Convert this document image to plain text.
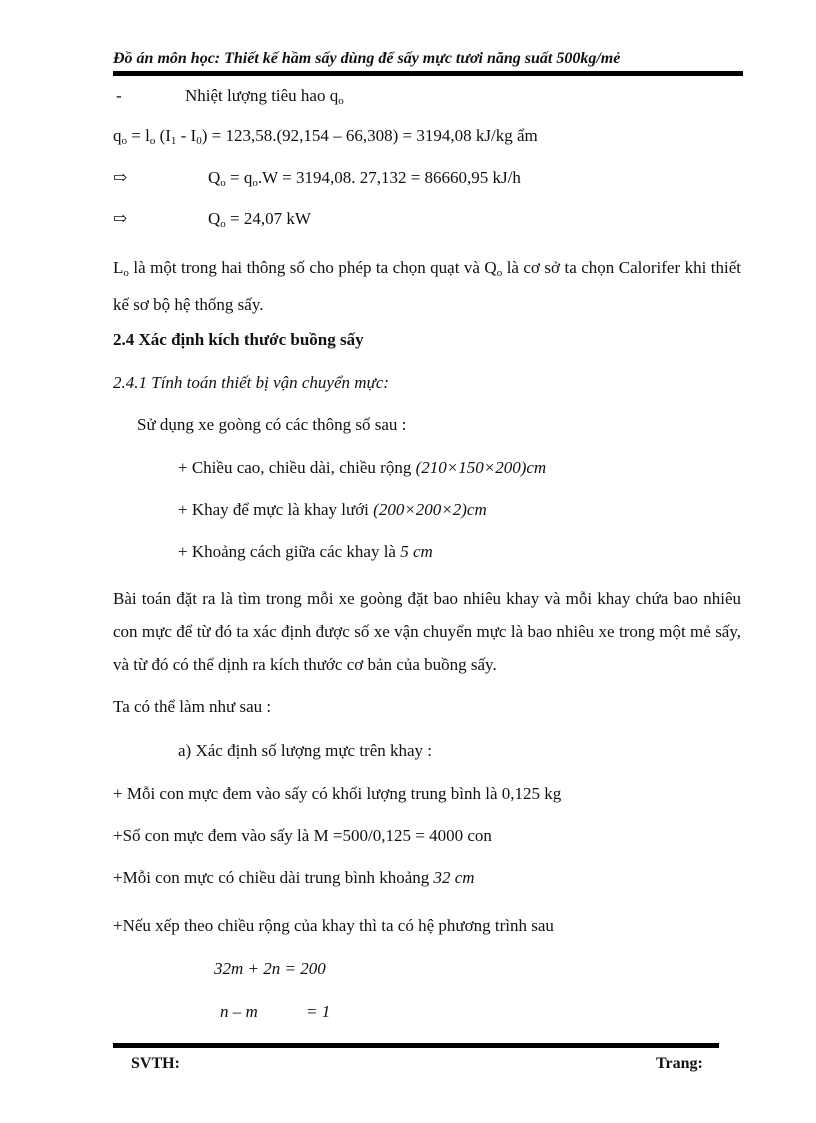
Đồ án môn học: Thiết kế hầm sấy dùng để sấy mực tươi năng suất 500kg/mẻ
-	Nhiệt lượng tiêu hao $q_o$
$q_o = l_o$ $(I_1 - I_0) = 123,58.(92,154 - 66,308) = 3194,08$ kJ/kg ẩm
⇨	$Q_o = q_o.W = 3194,08$. 27,132 = 86660,95 kJ/h
⇨	$Q_o = 24,07$ kW
$L_o$ là một trong hai thông số cho phép ta chọn quạt và $Q_o$ là cơ sở ta chọn Calorifer khi thiết kế sơ bộ hệ thống sấy.
2.4 Xác định kích thước buồng sấy
2.4.1 Tính toán thiết bị vận chuyển mực:
Sử dụng xe goòng có các thông số sau :
+ Chiều cao, chiều dài, chiều rộng (210×150×200)cm
+ Khay để mực là khay lưới (200×200×2)cm
+ Khoảng cách giữa các khay là 5 cm
Bài toán đặt ra là tìm trong mỗi xe goòng đặt bao nhiêu khay và mỗi khay chứa bao nhiêu con mực để từ đó ta xác định được số xe vận chuyển mực là bao nhiêu xe trong một mẻ sấy, và từ đó có thể dịnh ra kích thước cơ bản của buồng sấy.
Ta có thể làm như sau :
a) Xác định số lượng mực trên khay :
+ Mỗi con mực đem vào sấy có khối lượng trung bình là 0,125 kg
+Số con mực đem vào sấy là M =500/0,125 = 4000 con
+Mỗi con mực có chiều dài trung bình khoảng 32 cm
+Nếu xếp theo chiều rộng của khay thì ta có hệ phương trình sau
32m + 2n = 200
n – m	= 1
SVTH:	Trang:
